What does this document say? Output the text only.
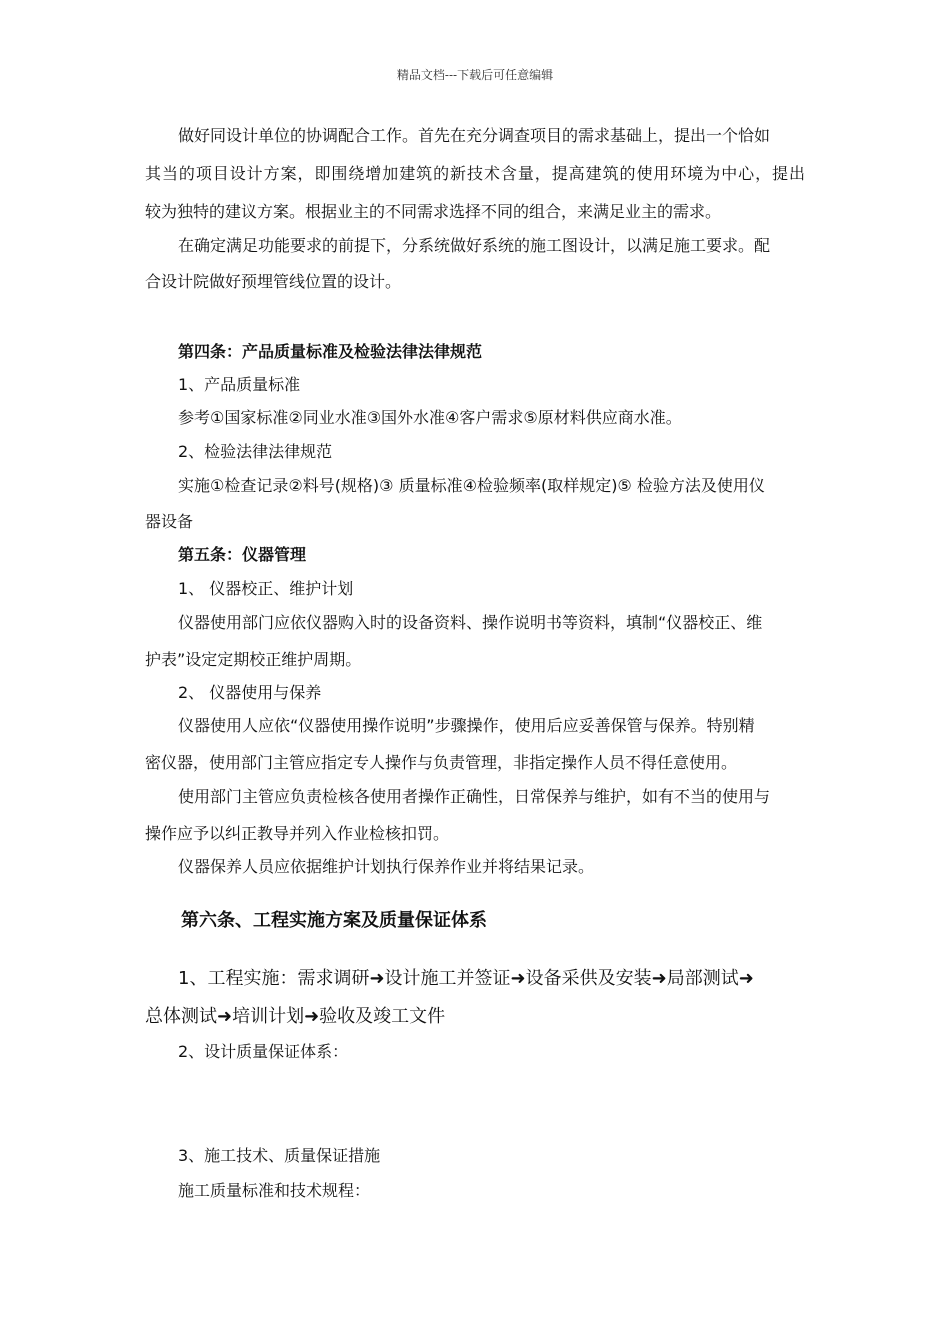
精品文档---下载后可任意编辑
做好同设计单位的协调配合工作。首先在充分调查项目的需求基础上，提出一个恰如
其当的项目设计方案，即围绕增加建筑的新技术含量，提高建筑的使用环境为中心，提出
较为独特的建议方案。根据业主的不同需求选择不同的组合，来满足业主的需求。
在确定满足功能要求的前提下，分系统做好系统的施工图设计，以满足施工要求。配
合设计院做好预埋管线位置的设计。
第四条：产品质量标准及检验法律法律规范
1、产品质量标准
参考①国家标准②同业水准③国外水准④客户需求⑤原材料供应商水准。
2、检验法律法律规范
实施①检查记录②料号(规格)③ 质量标准④检验频率(取样规定)⑤ 检验方法及使用仪
器设备
第五条：仪器管理
1、 仪器校正、维护计划
仪器使用部门应依仪器购入时的设备资料、操作说明书等资料，填制“仪器校正、维
护表”设定定期校正维护周期。
2、 仪器使用与保养
仪器使用人应依“仪器使用操作说明”步骤操作，使用后应妥善保管与保养。特别精
密仪器，使用部门主管应指定专人操作与负责管理，非指定操作人员不得任意使用。
使用部门主管应负责检核各使用者操作正确性，日常保养与维护，如有不当的使用与
操作应予以纠正教导并列入作业检核扣罚。
仪器保养人员应依据维护计划执行保养作业并将结果记录。
第六条、工程实施方案及质量保证体系
1、工程实施：需求调研➜设计施工并签证➜设备采供及安装➜局部测试➜
总体测试➜培训计划➜验收及竣工文件
2、设计质量保证体系：
3、施工技术、质量保证措施
施工质量标准和技术规程：
